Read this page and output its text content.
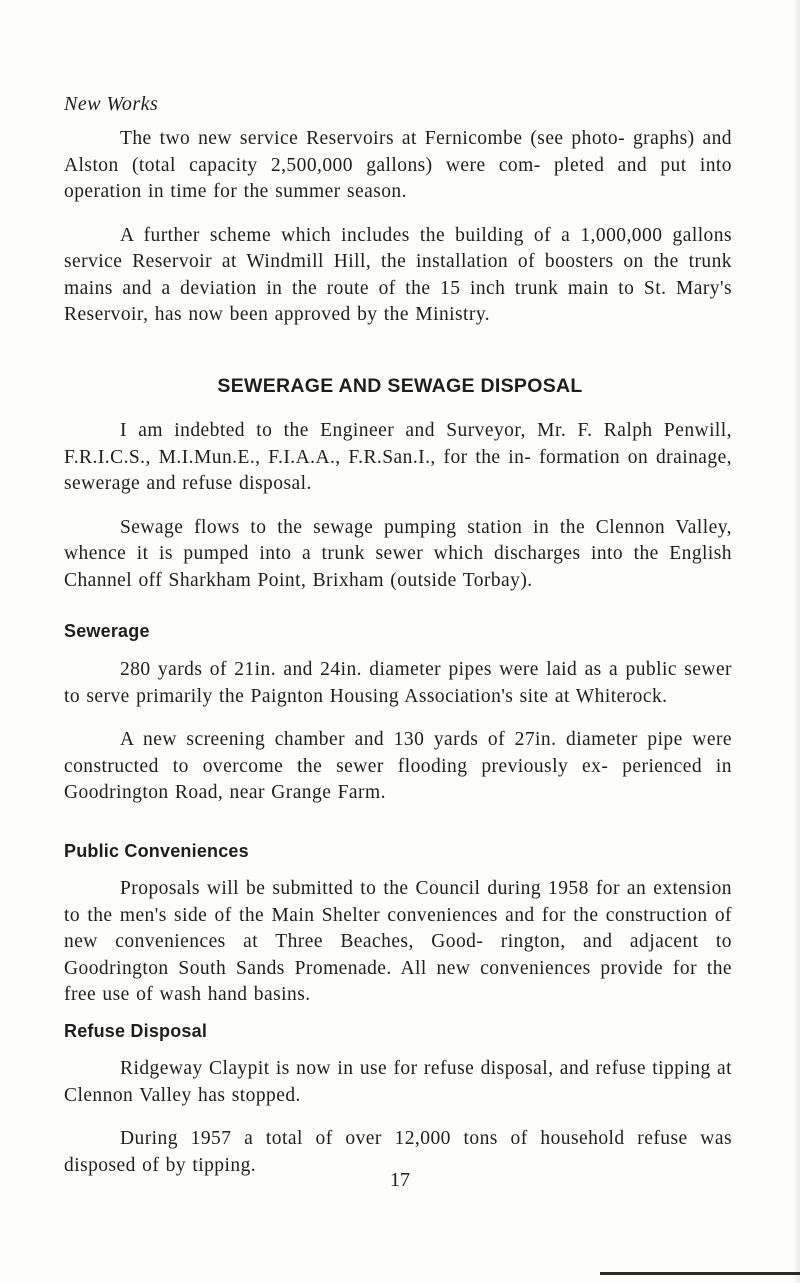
New Works

The two new service Reservoirs at Fernicombe (see photo- graphs) and Alston (total capacity 2,500,000 gallons) were com- pleted and put into operation in time for the summer season.

A further scheme which includes the building of a 1,000,000 gallons service Reservoir at Windmill Hill, the installation of boosters on the trunk mains and a deviation in the route of the 15 inch trunk main to St. Mary's Reservoir, has now been approved by the Ministry.

SEWERAGE AND SEWAGE DISPOSAL

I am indebted to the Engineer and Surveyor, Mr. F. Ralph Penwill, F.R.I.C.S., M.I.Mun.E., F.I.A.A., F.R.San.I., for the in- formation on drainage, sewerage and refuse disposal.

Sewage flows to the sewage pumping station in the Clennon Valley, whence it is pumped into a trunk sewer which discharges into the English Channel off Sharkham Point, Brixham (outside Torbay).

Sewerage

280 yards of 21in. and 24in. diameter pipes were laid as a public sewer to serve primarily the Paignton Housing Association's site at Whiterock.

A new screening chamber and 130 yards of 27in. diameter pipe were constructed to overcome the sewer flooding previously ex- perienced in Goodrington Road, near Grange Farm.

Public Conveniences

Proposals will be submitted to the Council during 1958 for an extension to the men's side of the Main Shelter conveniences and for the construction of new conveniences at Three Beaches, Good- rington, and adjacent to Goodrington South Sands Promenade. All new conveniences provide for the free use of wash hand basins.

Refuse Disposal

Ridgeway Claypit is now in use for refuse disposal, and refuse tipping at Clennon Valley has stopped.

During 1957 a total of over 12,000 tons of household refuse was disposed of by tipping.

17
